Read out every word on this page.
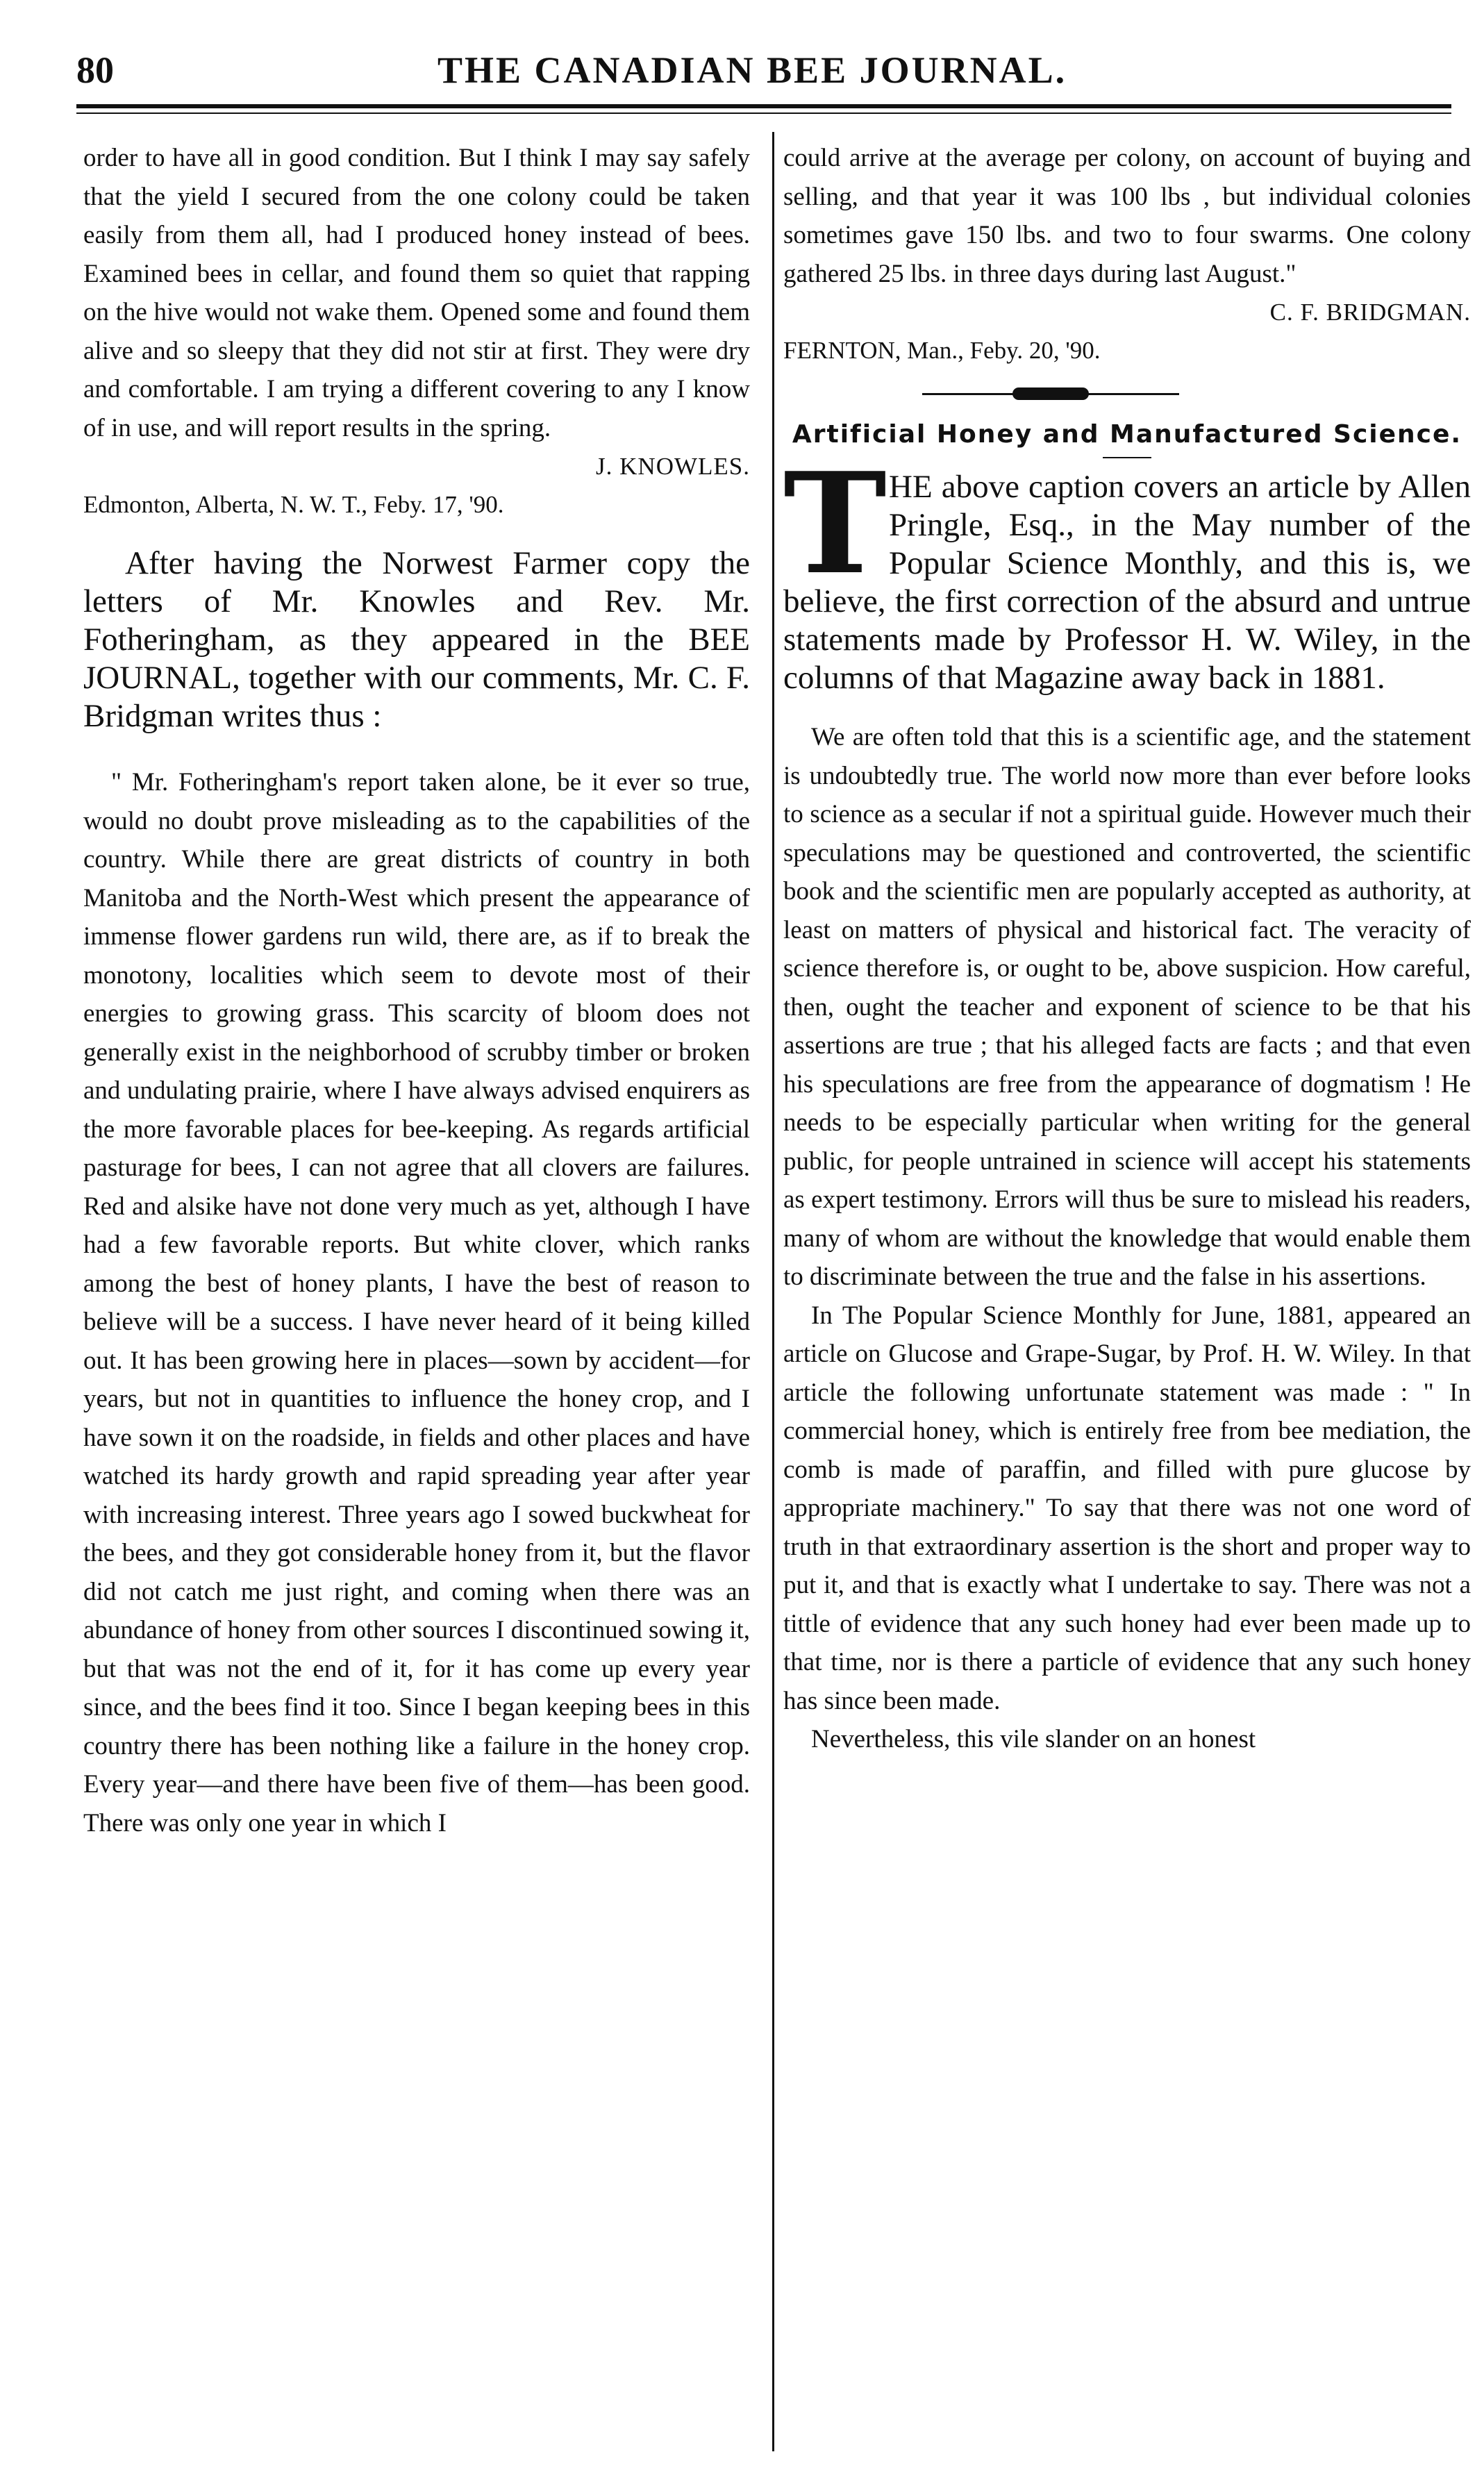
80	THE CANADIAN BEE JOURNAL.

order to have all in good condition. But I think I may say safely that the yield I secured from the one colony could be taken easily from them all, had I produced honey instead of bees. Examined bees in cellar, and found them so quiet that rapping on the hive would not wake them. Opened some and found them alive and so sleepy that they did not stir at first. They were dry and comfortable. I am trying a different covering to any I know of in use, and will report results in the spring.

J. KNOWLES.

Edmonton, Alberta, N. W. T., Feby. 17, '90.

After having the Norwest Farmer copy the letters of Mr. Knowles and Rev. Mr. Fotheringham, as they appeared in the BEE JOURNAL, together with our comments, Mr. C. F. Bridgman writes thus :

" Mr. Fotheringham's report taken alone, be it ever so true, would no doubt prove misleading as to the capabilities of the country. While there are great districts of country in both Manitoba and the North-West which present the appearance of immense flower gardens run wild, there are, as if to break the monotony, localities which seem to devote most of their energies to growing grass. This scarcity of bloom does not generally exist in the neighborhood of scrubby timber or broken and undulating prairie, where I have always advised enquirers as the more favorable places for bee-keeping. As regards artificial pasturage for bees, I can not agree that all clovers are failures. Red and alsike have not done very much as yet, although I have had a few favorable reports. But white clover, which ranks among the best of honey plants, I have the best of reason to believe will be a success. I have never heard of it being killed out. It has been growing here in places—sown by accident—for years, but not in quantities to influence the honey crop, and I have sown it on the roadside, in fields and other places and have watched its hardy growth and rapid spreading year after year with increasing interest. Three years ago I sowed buckwheat for the bees, and they got considerable honey from it, but the flavor did not catch me just right, and coming when there was an abundance of honey from other sources I discontinued sowing it, but that was not the end of it, for it has come up every year since, and the bees find it too. Since I began keeping bees in this country there has been nothing like a failure in the honey crop. Every year—and there have been five of them—has been good. There was only one year in which I

could arrive at the average per colony, on account of buying and selling, and that year it was 100 lbs , but individual colonies sometimes gave 150 lbs. and two to four swarms. One colony gathered 25 lbs. in three days during last August."

C. F. BRIDGMAN.

FERNTON, Man., Feby. 20, '90.

Artificial Honey and Manufactured Science.

T HE above caption covers an article by Allen Pringle, Esq., in the May number of the Popular Science Monthly, and this is, we believe, the first correction of the absurd and untrue statements made by Professor H. W. Wiley, in the columns of that Magazine away back in 1881.

We are often told that this is a scientific age, and the statement is undoubtedly true. The world now more than ever before looks to science as a secular if not a spiritual guide. However much their speculations may be questioned and controverted, the scientific book and the scientific men are popularly accepted as authority, at least on matters of physical and historical fact. The veracity of science therefore is, or ought to be, above suspicion. How careful, then, ought the teacher and exponent of science to be that his assertions are true ; that his alleged facts are facts ; and that even his speculations are free from the appearance of dogmatism ! He needs to be especially particular when writing for the general public, for people untrained in science will accept his statements as expert testimony. Errors will thus be sure to mislead his readers, many of whom are without the knowledge that would enable them to discriminate between the true and the false in his assertions.

In The Popular Science Monthly for June, 1881, appeared an article on Glucose and Grape-Sugar, by Prof. H. W. Wiley. In that article the following unfortunate statement was made : " In commercial honey, which is entirely free from bee mediation, the comb is made of paraffin, and filled with pure glucose by appropriate machinery." To say that there was not one word of truth in that extraordinary assertion is the short and proper way to put it, and that is exactly what I undertake to say. There was not a tittle of evidence that any such honey had ever been made up to that time, nor is there a particle of evidence that any such honey has since been made.

Nevertheless, this vile slander on an honest
